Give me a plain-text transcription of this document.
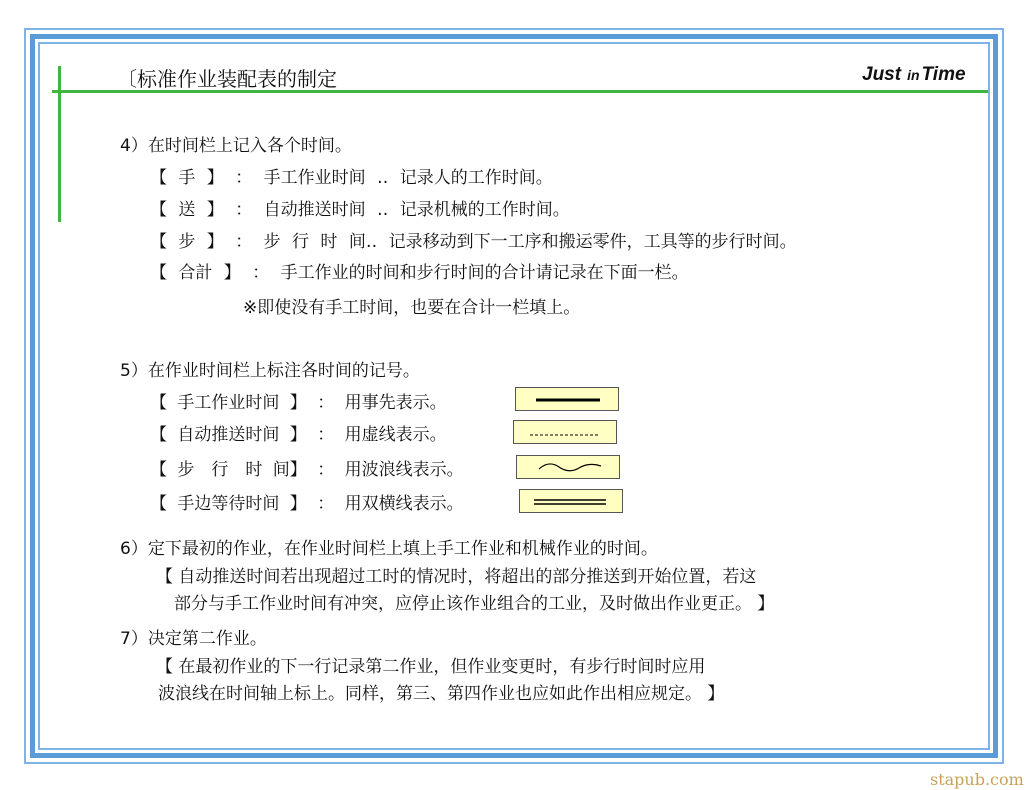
〔标准作业装配表的制定	Just in Time
4）在时间栏上记入各个时间。
【 手 】 ： 手工作业时间 ‥ 记录人的工作时间。
【 送 】 ： 自动推送时间 ‥ 记录机械的工作时间。
【 步 】 ： 步 行 时 间‥ 记录移动到下一工序和搬运零件，工具等的步行时间。
【 合計 】 ： 手工作业的时间和步行时间的合计请记录在下面一栏。
※即使没有手工时间，也要在合计一栏填上。
5）在作业时间栏上标注各时间的记号。
【 手工作业时间 】 ： 用事先表示。
【 自动推送时间 】 ： 用虚线表示。
【 步　行　时 间】 ： 用波浪线表示。
【 手边等待时间 】 ： 用双横线表示。
6）定下最初的作业，在作业时间栏上填上手工作业和机械作业的时间。
【 自动推送时间若出现超过工时的情况时，将超出的部分推送到开始位置，若这
部分与手工作业时间有冲突，应停止该作业组合的工业，及时做出作业更正。 】
7）决定第二作业。
【 在最初作业的下一行记录第二作业，但作业变更时，有步行时间时应用
波浪线在时间轴上标上。同样，第三、第四作业也应如此作出相应规定。 】
stapub.com
